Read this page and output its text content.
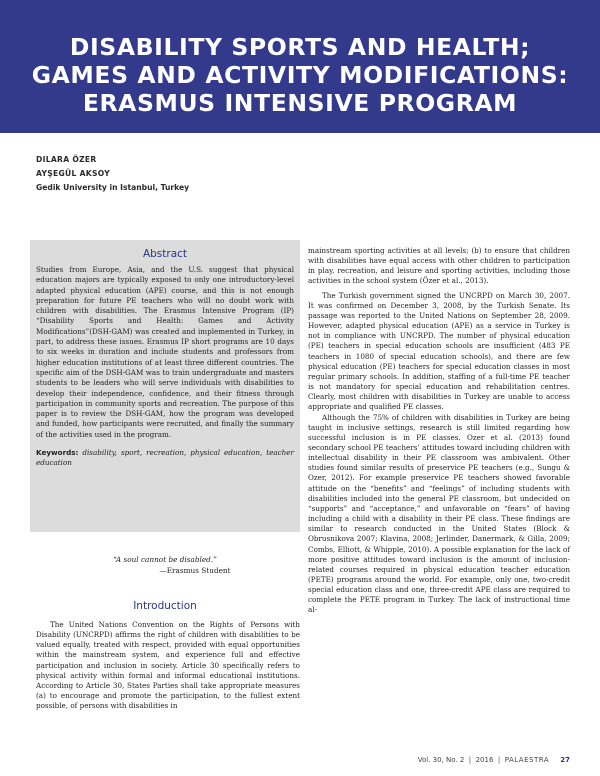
DISABILITY SPORTS AND HEALTH;
GAMES AND ACTIVITY MODIFICATIONS:
ERASMUS INTENSIVE PROGRAM
DILARA ÖZER
AYŞEGÜL AKSOY
Gedik University in Istanbul, Turkey
Abstract

Studies from Europe, Asia, and the U.S. suggest that physical education majors are typically exposed to only one introductory-level adapted physical education (APE) course, and this is not enough preparation for future PE teachers who will no doubt work with children with disabilities. The Erasmus Intensive Program (IP) “Disability Sports and Health: Games and Activity Modifications”(DSH-GAM) was created and implemented in Turkey, in part, to address these issues. Erasmus IP short programs are 10 days to six weeks in duration and include students and professors from higher education institutions of at least three different countries. The specific aim of the DSH-GAM was to train undergraduate and masters students to be leaders who will serve individuals with disabilities to develop their independence, confidence, and their fitness through participation in community sports and recreation. The purpose of this paper is to review the DSH-GAM, how the program was developed and funded, how participants were recruited, and finally the summary of the activities used in the program.

Keywords: disability, sport, recreation, physical education, teacher education

“A soul cannot be disabled.”
—Erasmus Student
Introduction

The United Nations Convention on the Rights of Persons with Disability (UNCRPD) affirms the right of children with disabilities to be valued equally, treated with respect, provided with equal opportunities within the mainstream system, and experience full and effective participation and inclusion in society. Article 30 specifically refers to physical activity within formal and informal educational institutions. According to Article 30, States Parties shall take appropriate measures (a) to encourage and promote the participation, to the fullest extent possible, of persons with disabilities in

mainstream sporting activities at all levels; (b) to ensure that children with disabilities have equal access with other children to participation in play, recreation, and leisure and sporting activities, including those activities in the school system (Özer et al., 2013).

The Turkish government signed the UNCRPD on March 30, 2007. It was confirmed on December 3, 2008, by the Turkish Senate. Its passage was reported to the United Nations on September 28, 2009. However, adapted physical education (APE) as a service in Turkey is not in compliance with UNCRPD. The number of physical education (PE) teachers in special education schools are insufficient (483 PE teachers in 1080 of special education schools), and there are few physical education (PE) teachers for special education classes in most regular primary schools. In addition, staffing of a full-time PE teacher is not mandatory for special education and rehabilitation centres. Clearly, most children with disabilities in Turkey are unable to access appropriate and qualified PE classes.

Although the 75% of children with disabilities in Turkey are being taught in inclusive settings, research is still limited regarding how successful inclusion is in PE classes. Ozer et al. (2013) found secondary school PE teachers’ attitudes toward including children with intellectual disability in their PE classroom was ambivalent. Other studies found similar results of preservice PE teachers (e.g., Sungu & Ozer, 2012). For example preservice PE teachers showed favorable attitude on the “benefits” and “feelings” of including students with disabilities included into the general PE classroom, but undecided on “supports” and “acceptance,” and unfavorable on “fears” of having including a child with a disability in their PE class. These findings are similar to research conducted in the United States (Block & Obrusnikova 2007; Klavina, 2008; Jerlinder, Danermark, & Gilla, 2009; Combs, Elliott, & Whipple, 2010). A possible explanation for the lack of more positive attitudes toward inclusion is the amount of inclusion-related courses required in physical education teacher education (PETE) programs around the world. For example, only one, two-credit special education class and one, three-credit APE class are required to complete the PETE program in Turkey. The lack of instructional time al-

Vol. 30, No. 2  |  2016  |  PALAESTRA 27
